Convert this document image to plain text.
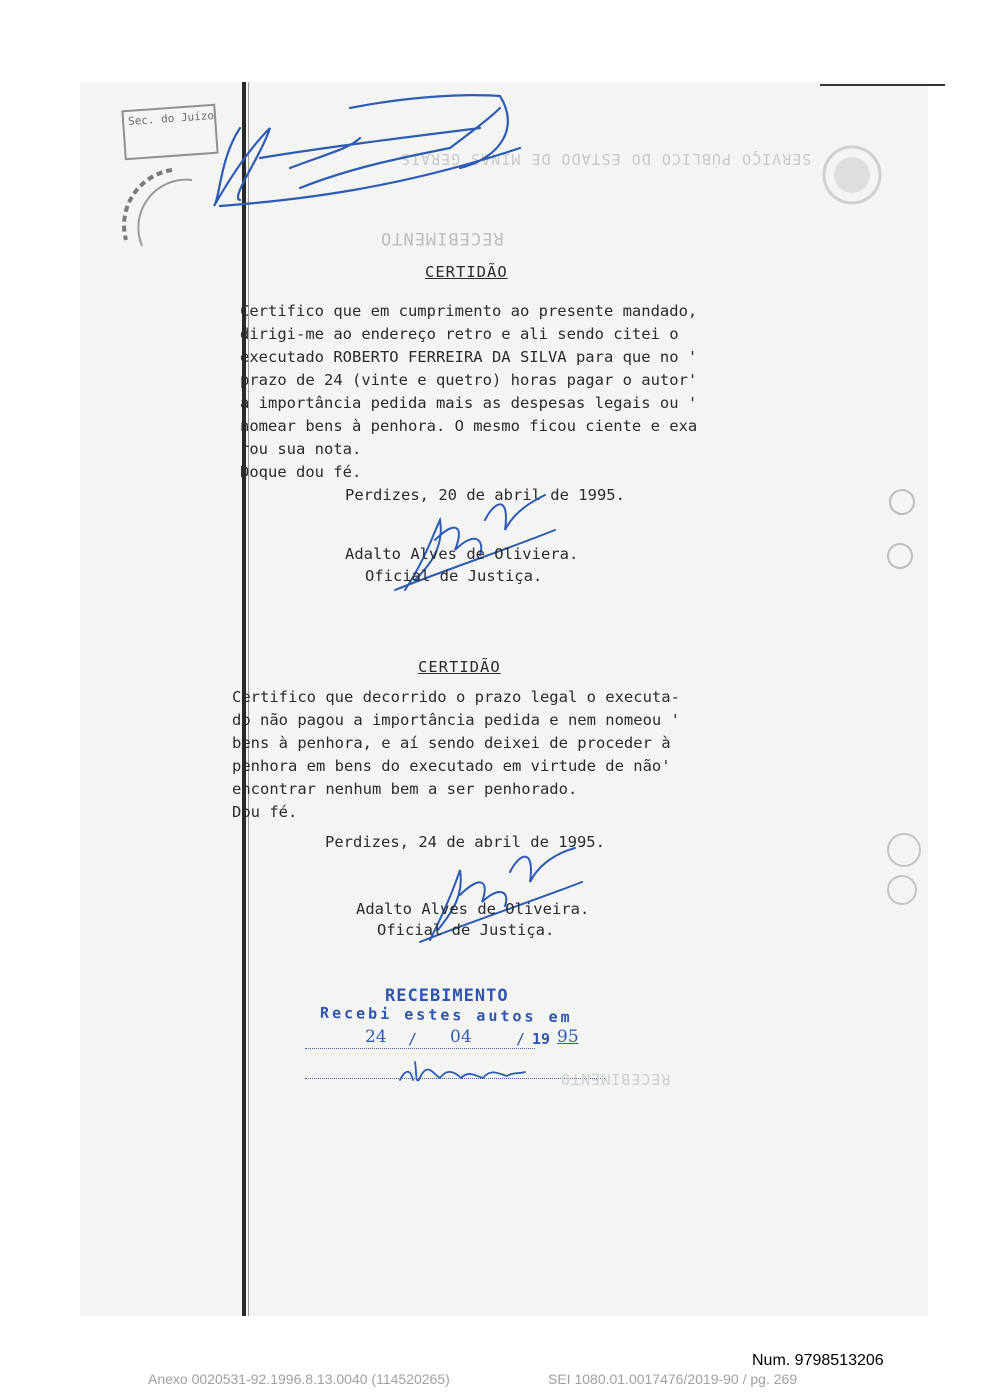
SERVIÇO PÚBLICO DO ESTADO DE MINAS GERAIS
RECEBIMENTO
Sec. do Juízo
CERTIDÃO
Certifico que em cumprimento ao presente mandado,
dirigi-me ao endereço retro e ali sendo citei o
executado ROBERTO FERREIRA DA SILVA para que no '
prazo de 24 (vinte e quetro) horas pagar o autor'
a importância pedida mais as despesas legais ou '
nomear bens à penhora. O mesmo ficou ciente e exa
rou sua nota.
Doque dou fé.
Perdizes, 20 de abril de 1995.
Adalto Alves de Oliviera.
Oficial de Justiça.
CERTIDÃO
Certifico que decorrido o prazo legal o executa-
do não pagou a importância pedida e nem nomeou '
bens à penhora, e aí sendo deixei de proceder à
penhora em bens do executado em virtude de não'
encontrar nenhum bem a ser penhorado.
Dou fé.
Perdizes, 24 de abril de 1995.
Adalto Alves de Oliveira.
Oficial de Justiça.
RECEBIMENTO
Recebi estes autos em
24 / 04	/ 19 95
RECEBIMENTO
Num. 9798513206
Anexo 0020531-92.1996.8.13.0040 (114520265)	SEI 1080.01.0017476/2019-90 / pg. 269
